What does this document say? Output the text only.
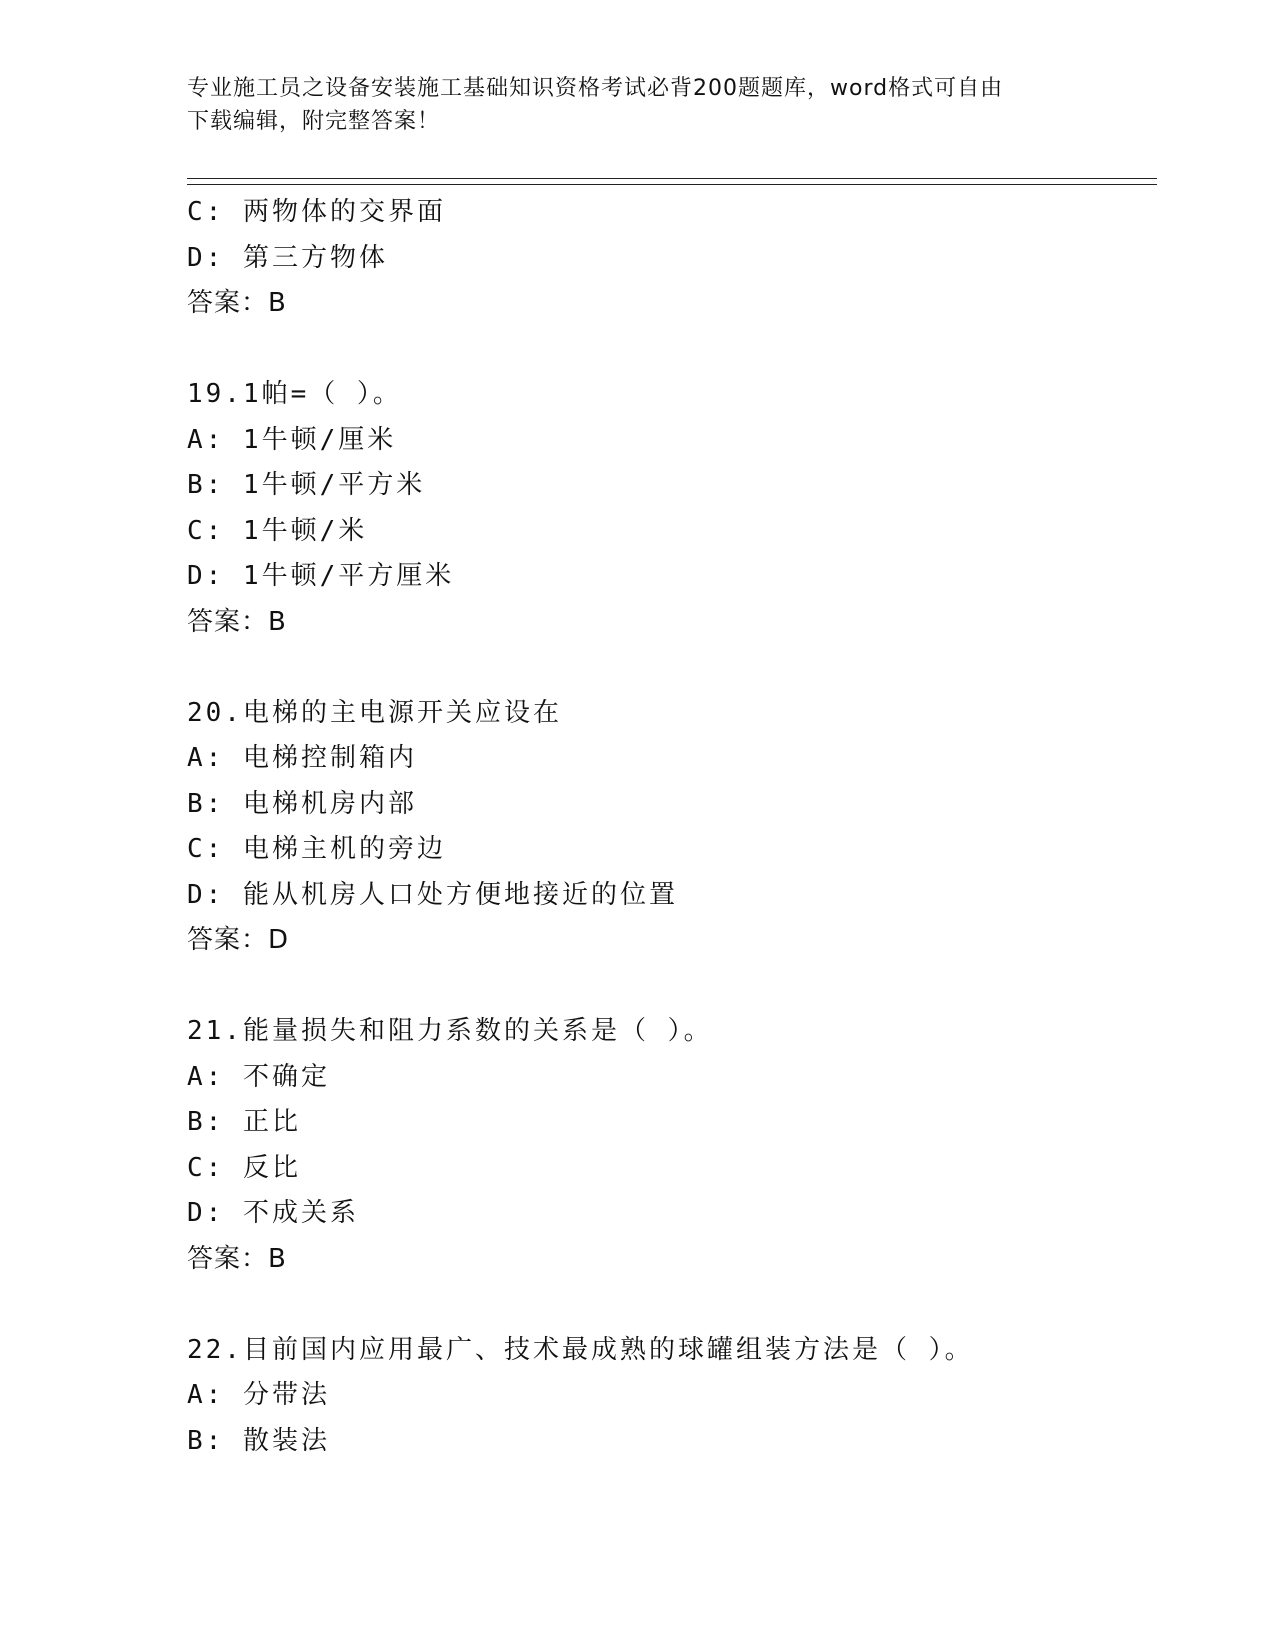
专业施工员之设备安装施工基础知识资格考试必背200题题库，word格式可自由
下载编辑，附完整答案！
C: 两物体的交界面
D: 第三方物体
答案：B
19.1帕=（ ）。
A: 1牛顿/厘米
B: 1牛顿/平方米
C: 1牛顿/米
D: 1牛顿/平方厘米
答案：B
20.电梯的主电源开关应设在
A: 电梯控制箱内
B: 电梯机房内部
C: 电梯主机的旁边
D: 能从机房人口处方便地接近的位置
答案：D
21.能量损失和阻力系数的关系是（ ）。
A: 不确定
B: 正比
C: 反比
D: 不成关系
答案：B
22.目前国内应用最广、技术最成熟的球罐组装方法是（ ）。
A: 分带法
B: 散装法
